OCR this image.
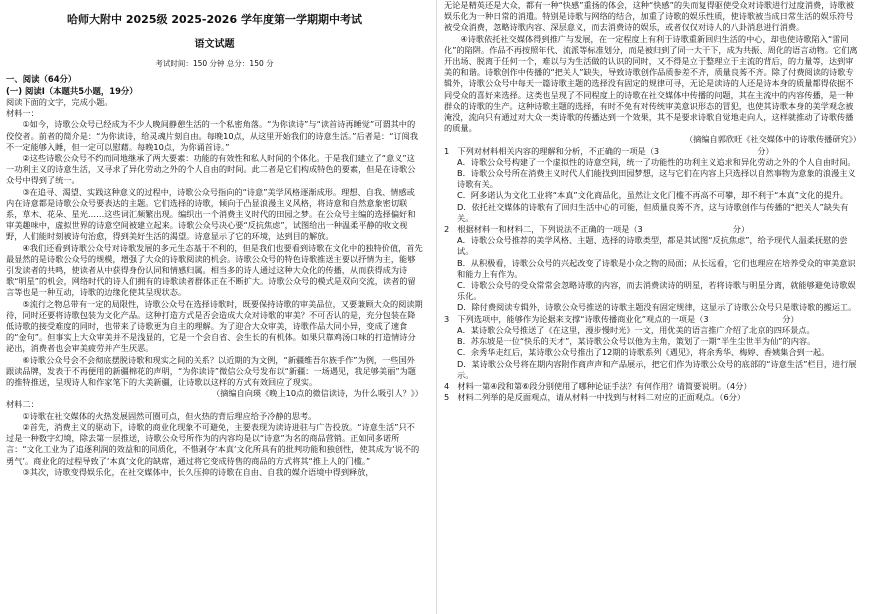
哈师大附中 2025级 2025-2026 学年度第一学期期中考试
语文试题
考试时间：150 分钟 总分：150 分

一、阅读（64分）

(一) 阅读Ⅰ（本题共5小题，19分）

阅读下面的文字，完成小题。

材料一：

①如今，诗歌公众号已经成为不少人晚间静憩生活的一个私密角落。“为你读诗”与“读首诗再睡觉”可谓其中的佼佼者。前者的简介是：“为你读诗，给灵魂片刻自由。每晚10点，从这里开始我们的诗意生活。”后者是：“订阅我不一定能够入睡，但一定可以慰藉。每晚10点，为你诵首诗。”

②这些诗歌公众号不约而同地继承了两大要素：功能的有效性和私人时间的个体化。于是我们建立了“意义”这一功利主义的诗意生活，又寻求了异化劳动之外的个人自由的时间。此二者是它们构成特色的要素，但是在诗歌公众号中得到了统一。

③在追寻、渴望、实践这种意义的过程中，诗歌公众号指向的“诗意”美学风格逐渐成形。理想、自我、情感或内在诗意都是诗歌公众号要表达的主题。它们选择的诗歌，倾向于凸显浪漫主义风格，将诗意和自然意象密切联系，草木、花朵、星光……这些词汇频繁出现。编织出一个消费主义时代的田园之梦。在公众号主编的选择偏好和审美趣味中，虚拟世界的诗意空间被建立起来。诗歌公众号决心要“反抗焦虑”，试图给出一种温柔平静的收文视野，人们能时刻被诗句治愈，得到美好生活的渴望。诗意显示了它的环境，达到目的解放。

④我们还看到诗歌公众号对诗歌发展的多元生态基于不利的，但是我们也要看到诗歌在文化中的独特价值，首先最显然的是诗歌公众号的规模，增强了大众的诗歌阅读的机会。诗歌公众号的特色诗歌推送主要以抒情为主，能够引发读者的共鸣，使读者从中获得身份认同和情感归属。相当多的诗人通过这种大众化的传播，从而获得成为诗歌“明星”的机会，网络时代的诗人们拥有的诗歌读者群体正在不断扩大。诗歌公众号的模式是双向交流，读者的留言等也是一种互动，诗歌的边缘化使其呈现状态。

⑤流行之物总带有一定的局限性，诗歌公众号在选择诗歌时，既要保持诗歌的审美品位，又要兼顾大众的阅读期待，同时还要将诗歌包装为文化产品。这种打造方式是否会造成大众对诗歌的审美？不可否认的是，充分包装在降低诗歌的接受难度的同时，也带来了诗歌更为自主的理解。为了迎合大众审美，诗歌作品大同小异，变成了速食的“金句”。但事实上大众审美并不是浅显的，它是一个会自省、会生长的有机体。如果只靠鸡汤口味的打造情诗分泌出，消费者也会审美疲劳并产生厌恶。

⑥诗歌公众号会不会彻底摆脱诗歌和现实之间的关系？以近期的为文例，“新疆维吾尔族手作”为例，一些国外跟读品牌，发表于不再便用的新疆棉花的声明，“为你读诗”微信公众号发布以“新疆：一场遇见，我足够美丽”为题的推特推送，呈现诗人和作家笔下的大美新疆，让诗歌以这样的方式有效回应了现实。

（摘编自向瑛《晚上10点的微信读诗，为什么吸引人？》）

材料二：

①诗歌在社交媒体的火热发展固然可圈可点，但火热的背后理应给予冷静的思考。

②首先，消费主义的驱动下，诗歌的商业化现象不可避免，主要表现为读诗进驻与广告投放。“诗意生活”只不过是一种数字幻境，除去第一层推送，诗歌公众号所作为的内容均是以“诗意”为名的商品营销。正如同多诺所言：“文化工业为了追逐利润的效益和的同质化，不惜剥夺‘本真’文化所具有的批判功能和独创性，使其成为‘说不的勇气’。商业化的过程导致了‘本真’文化的缺席，通过将它变成待售的商品的方式将其“推上人的门槛。”

③其次，诗歌变得娱乐化，在社交媒体中，长久压抑的诗歌在自由、自我的媒介语境中得到释放，

无论是精英还是大众，都有一种“快感”重扬的体会，这种“快感”的失而复得驱使受众对诗歌进行过度消费，诗歌被娱乐化为一种日常的消遣。特别是诗歌与网络的结合，加重了诗歌的娱乐性质，使诗歌被当成日常生活的娱乐符号被受众消费，忽略诗歌内容、深层意义，而去消费诗的娱乐，或者仅仅对诗人的八卦消息进行消费。

④诗歌依托社交媒体得到推广与发展，在一定程度上有利于诗歌重新回归生活的中心，却也使诗歌陷入“雷同化”的陷阱。作品不再按照年代、流派等标准划分，而是被归到了同一大干下，成为共振、周化的语言动物。它们离开出场、脱离于任何一个，难以与为生活做的认识的同时，又不得是立于整理立于主流的背后，的力量等，达到审美的和谐。诗歌创作中传播的“把关人”缺失，导致诗歌创作品质参差不齐，质量良莠不齐。除了付费阅读的诗歌专辑外，诗歌公众号中每天一篇诗歌主题的选择没有固定的规律可寻，无论是读诗的人还是诗本身的质量都得依据不同受众的喜好来选择。这类也呈现了不同程度上的诗歌在社交媒体中传播的问题，其在主流中的内容传播，是一种群众的诗歌的生产。这种诗歌主题的选择，有时不免有对传统审美意识形态的冒犯，也使其诗歌本身的美学观念被淹没，流向只有通过对大众一类诗歌的传播达到一个效果，其不是要求诗歌自觉地走向人，这样就推动了诗歌传播的质量。

（摘编自郭欣旺《社交媒体中的诗歌传播研究》）

1　下列对材料相关内容的理解和分析，不正确的一项是（3　　　　　　　　　　　　分）

A．诗歌公众号构建了一个虚拟性的诗意空间，统一了功能性的功利主义追求和异化劳动之外的个人自由时间。

B．诗歌公众号所在消费主义时代人们能找到田园梦想，这与它们在内容上只选择以自然事物为意象的浪漫主义诗歌有关。

C．阿多诺认为文化工业将“本真”文化商品化，虽然让文化门槛不再高不可攀，却不利于“本真”文化的提升。

D．依托社交媒体的诗歌有了回归生活中心的可能，但质量良莠不齐，这与诗歌创作与传播的“把关人”缺失有关。

2　根据材料一和材料二，下列说法不正确的一项是（3　　　　　　　　　　　分）

A．诗歌公众号推荐的美学风格、主题、选择的诗歌类型，都是其试图“反抗焦虑”，给予现代人温柔抚慰的尝试。

B．从积极看，诗歌公众号的兴起改变了诗歌是小众之物的局面；从长远看，它们也理应在培养受众的审美意识和能力上有作为。

C．诗歌公众号的受众常常会忽略诗歌的内容，而去消费读诗的明星，若将诗歌与明星分离，就能够避免诗歌娱乐化。

D．除付费阅读专辑外，诗歌公众号推送的诗歌主题没有固定规律，这显示了诗歌公众号只是歌诗歌的搬运工。

3　下列选项中，能够作为论据来支撑“诗歌传播商业化”观点的一项是（3　　　　　　　　　分）

A．某诗歌公众号推送了《在这里，漫步慢时光》一文，用优美的语言推广介绍了北京的四环景点。

B．苏东坡是一位“快乐的天才”，某诗歌公众号以他为主角，策划了一期“半生尘世半为仙”的内容。

C．余秀华走红后，某诗歌公众号推出了12期的诗歌系列《遇见》，将余秀华、梅婷、香姨集合到一起。

D．某诗歌公众号将在期内容附作商声声和产品展示，把它们作为诗歌公众号的底部的“诗意生活”栏目，进行展示。

4　材料一第④段和第⑥段分别使用了哪种论证手法？有何作用？请简要说明。（4分）

5　材料二列举的是反面观点，请从材料一中找到与材料二对应的正面观点。（6分）
